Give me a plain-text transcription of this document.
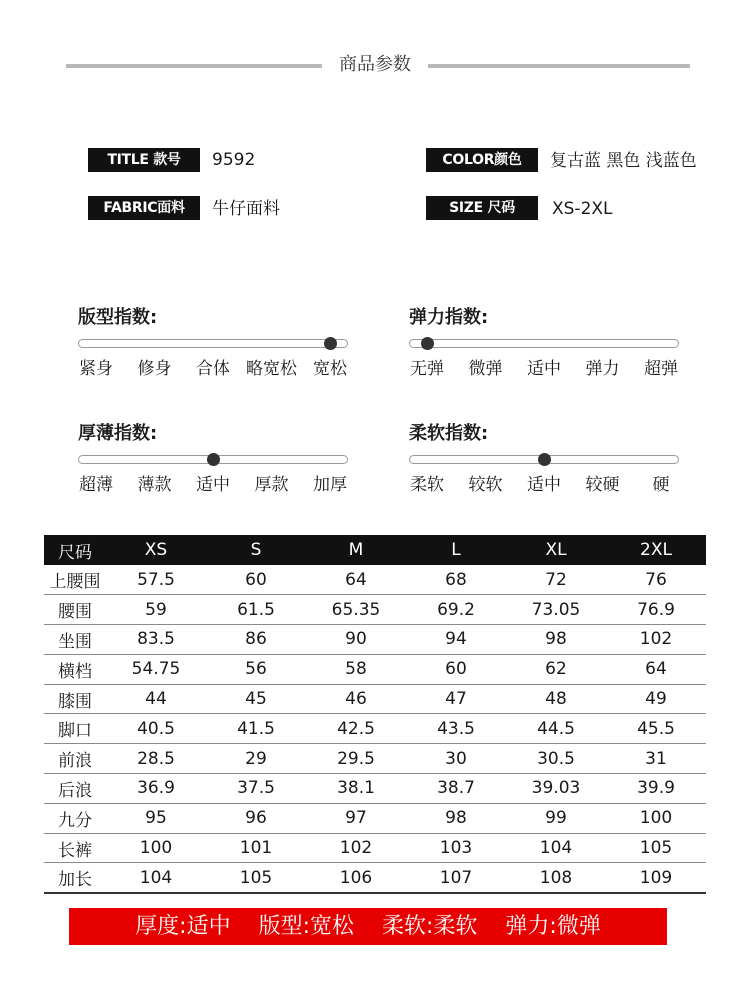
商品参数
TITLE 款号	9592	COLOR颜色	复古蓝 黑色 浅蓝色
FABRIC面料	牛仔面料	SIZE 尺码	XS-2XL
版型指数:
紧身 修身 合体 略宽松 宽松
弹力指数:
无弹 微弹 适中 弹力 超弹
厚薄指数:
超薄 薄款 适中 厚款 加厚
柔软指数:
柔软 较软 适中 较硬 硬
尺码	XS	S	M	L	XL	2XL
上腰围	57.5	60	64	68	72	76
腰围	59	61.5	65.35	69.2	73.05	76.9
坐围	83.5	86	90	94	98	102
横档	54.75	56	58	60	62	64
膝围	44	45	46	47	48	49
脚口	40.5	41.5	42.5	43.5	44.5	45.5
前浪	28.5	29	29.5	30	30.5	31
后浪	36.9	37.5	38.1	38.7	39.03	39.9
九分	95	96	97	98	99	100
长裤	100	101	102	103	104	105
加长	104	105	106	107	108	109
厚度:适中 版型:宽松 柔软:柔软 弹力:微弹
